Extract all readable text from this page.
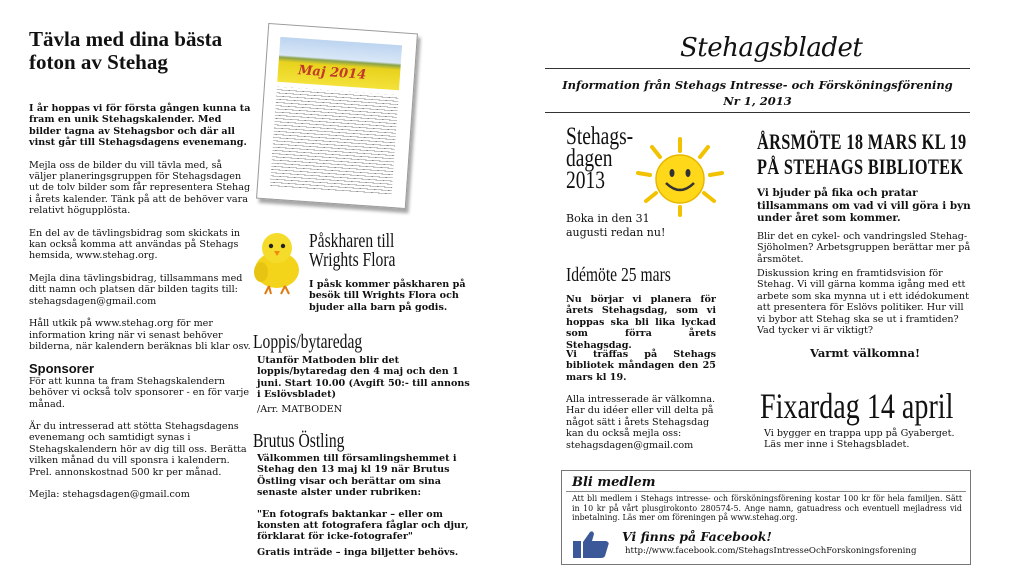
Tävla med dina bästa foton av Stehag

I år hoppas vi för första gången kunna ta fram en unik Stehagskalender. Med bilder tagna av Stehagsbor och där all vinst går till Stehagsdagens evenemang.

Mejla oss de bilder du vill tävla med, så väljer planeringsgruppen för Stehagsdagen ut de tolv bilder som får representera Stehag i årets kalender. Tänk på att de behöver vara relativt högupplösta.

En del av de tävlingsbidrag som skickats in kan också komma att användas på Stehags hemsida, www.stehag.org.

Mejla dina tävlingsbidrag, tillsammans med ditt namn och platsen där bilden tagits till: stehagsdagen@gmail.com

Håll utkik på www.stehag.org för mer information kring när vi senast behöver bilderna, när kalendern beräknas bli klar osv.

Sponsorer

För att kunna ta fram Stehagskalendern behöver vi också tolv sponsorer - en för varje månad.

Är du intresserad att stötta Stehagsdagens evenemang och samtidigt synas i Stehagskalendern hör av dig till oss. Berätta vilken månad du vill sponsra i kalendern. Prel. annonskostnad 500 kr per månad.

Mejla: stehagsdagen@gmail.com

Maj 2014
Påskharen till
Wrights Flora

I påsk kommer påskharen på besök till Wrights Flora och bjuder alla barn på godis.

Loppis/bytaredag

Utanför Matboden blir det loppis/bytaredag den 4 maj och den 1 juni. Start 10.00 (Avgift 50:- till annons i Eslövsbladet)

/Arr. MATBODEN

Brutus Östling

Välkommen till församlingshemmet i Stehag den 13 maj kl 19 när Brutus Östling visar och berättar om sina senaste alster under rubriken:

"En fotografs baktankar – eller om konsten att fotografera fåglar och djur, förklarat för icke-fotografer"

Gratis inträde – inga biljetter behövs.

Stehagsbladet
Information från Stehags Intresse- och Försköningsförening
Nr 1, 2013
Stehags-
dagen
2013

Boka in den 31 augusti redan nu!

Idémöte 25 mars

Nu börjar vi planera för årets Stehagsdag, som vi hoppas ska bli lika lyckad som förra årets Stehagsdag.

Vi träffas på Stehags bibliotek måndagen den 25 mars kl 19.

Alla intresserade är välkomna. Har du idéer eller vill delta på något sätt i årets Stehagsdag kan du också mejla oss: stehagsdagen@gmail.com

ÅRSMÖTE 18 MARS KL 19
PÅ STEHAGS BIBLIOTEK

Vi bjuder på fika och pratar tillsammans om vad vi vill göra i byn under året som kommer.

Blir det en cykel- och vandringsled Stehag-Sjöholmen? Arbetsgruppen berättar mer på årsmötet.

Diskussion kring en framtidsvision för Stehag. Vi vill gärna komma igång med ett arbete som ska mynna ut i ett idédokument att presentera för Eslövs politiker. Hur vill vi bybor att Stehag ska se ut i framtiden? Vad tycker vi är viktigt?

Varmt välkomna!

Fixardag 14 april

Vi bygger en trappa upp på Gyaberget. Läs mer inne i Stehagsbladet.

Bli medlem

Att bli medlem i Stehags intresse- och försköningsförening kostar 100 kr för hela familjen. Sätt in 10 kr på vårt plusgirokonto 280574-5. Ange namn, gatuadress och eventuell mejladress vid inbetalning. Läs mer om föreningen på www.stehag.org.

Vi finns på Facebook!
http://www.facebook.com/StehagsIntresseOchForskoningsforening
